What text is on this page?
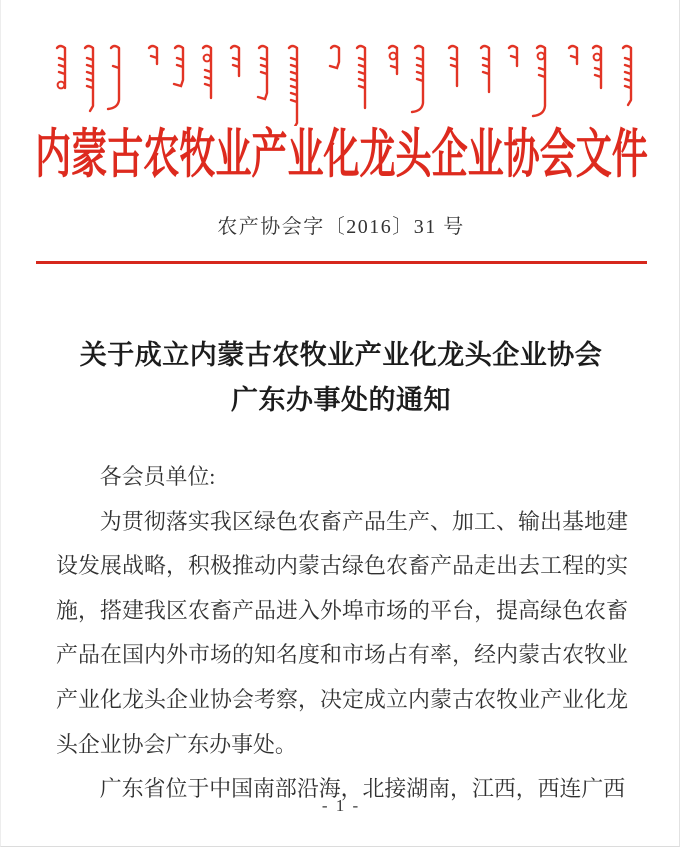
内蒙古农牧业产业化龙头企业协会文件
农产协会字〔2016〕31 号
关于成立内蒙古农牧业产业化龙头企业协会
广东办事处的通知

各会员单位:

为贯彻落实我区绿色农畜产品生产、加工、输出基地建设发展战略，积极推动内蒙古绿色农畜产品走出去工程的实施，搭建我区农畜产品进入外埠市场的平台，提高绿色农畜产品在国内外市场的知名度和市场占有率，经内蒙古农牧业产业化龙头企业协会考察，决定成立内蒙古农牧业产业化龙头企业协会广东办事处。

广东省位于中国南部沿海，北接湖南，江西，西连广西

- 1 -
